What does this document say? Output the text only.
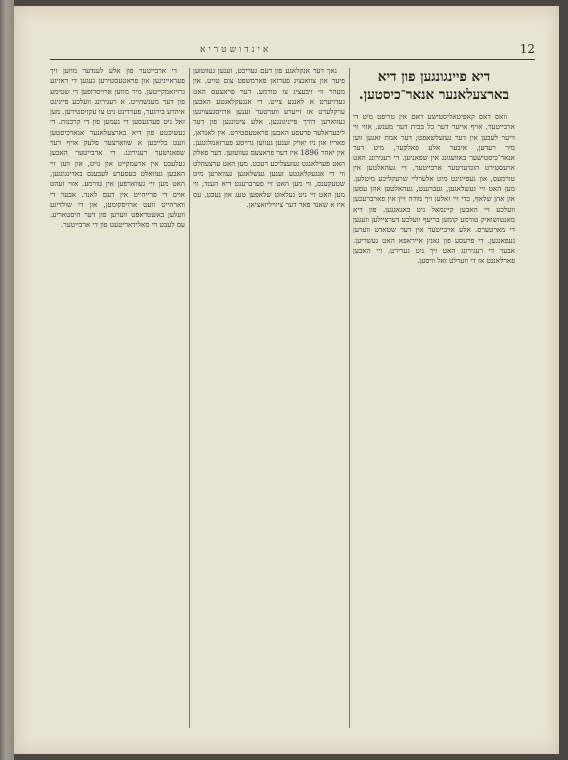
אינדושטריא	12
דיא פיינגונגען פון דיא בארצעלאנער אנאר־כיסטען.

וואס דאס קאפיטאליסטישע ראם אין טריפט מיט די ארבייטער, אויף אייער דער כל בבית דער מענש, אזוי ווי זייער לעבען אין דער געזעלשאפט; דער אמת זאגען ווען מיר רעדען, איבער אלע פאלקער, מיט דער אנאר־כיסטישער באוועגונג אין שפאניען. די רעגירונג האט ארעסטירט הונדערטער ארבייטער, זיי געהאלטען אין טורמעס, און געפייניגט מיט אלערליי שרעקליכע מיטלען. מען האט זיי געשלאגען, געברענט, געהאלטען אהן עסען און אהן שלאף, כדי זיי זאלען זיך מודה זיין אין פארברעכען וועלכע זיי האבען קיינמאל ניט באגאנגען. פון דיא מאנטזשואיק טורמע קומען בריעף וועלכע דערציילען וועגען די מארטערס. אלע ארבייטער אין דער שטאדט ווערען געפאנגען. די פרעסע פון גאנץ אייראפא האט געשריען. אבער די רעגירונג האט זיך ניט גערירט. זיי האבען פארלאנגט אז די ווערלט זאל וויסען.

נאך דער אנקלאגע פון דעם געריכט, זענען געוועזען פיער און צוואנציג פערזאן פארמשפט צום טויט, און מעהר ווי זיבעציג צו טורמע. דער פראצעס האט געדויערט א לאנגע צייט. די אנגעקלאגטע האבען ערקלערט אז זייערע ווערטער זענען ארויסגעצויגען געווארען דורך פייניגונגען. אלע ציטונגען פון דער ליבעראלער פרעסע האבען פראטעסטירט. אין לאנדאן, פאריז און ניו יארק זענען געווען גרויסע פערזאמלונגען. אין יאהר 1896 איז דער פראצעס געוועזען. דער פאלק האט פערלאנגט געזעצליכע רעכט. מען האט ערצעהלט ווי די אנגעקלאגטע זענען געשלאגען געווארען מיט שטעקענס, ווי מען האט זיי פערברענט דיא הענד, ווי מען האט זיי ניט געלאזט שלאפען טעג און נעכט. עס איז א שאנד פאר דער ציוויליזאציאן.

די ארבייטער פון אלע לענדער מוזען זיך פעראייניגען און פראטעסטירען געגען די דאזיגע גרויזאמקייטען. מיר מוזען ארויסרופען די שטימע פון דער מענשהייט. א רעגירונג וועלכע פייניגט איהרע בירגער, פערדינט ניט צו עקזיסטירען. מען זאל ניט פערגעסען די נעמען פון די קרבנות. די געשיכטע פון דיא בארצעלאנער אנארכיסטען וועט בלייבען א שוואַרצער פלעק אויף דער שפאנישער רעגירונג. די ארבייטער האבען געלעבט אין ארעמקייט און נויט, און ווען זיי האבען געוואלט בעסערע לעבענס באדינגונגען, האט מען זיי געווארפען אין טורמע. אזוי זעהט אויס די פרייהייט אין דעם לאנד. אבער די ווארהייט וועט ארויסקומען, און די שולדיגע וועלען באשטראפט ווערען פון דער היסטאריע. עס לעבט די סאלידאריטעט פון די ארבייטער.
